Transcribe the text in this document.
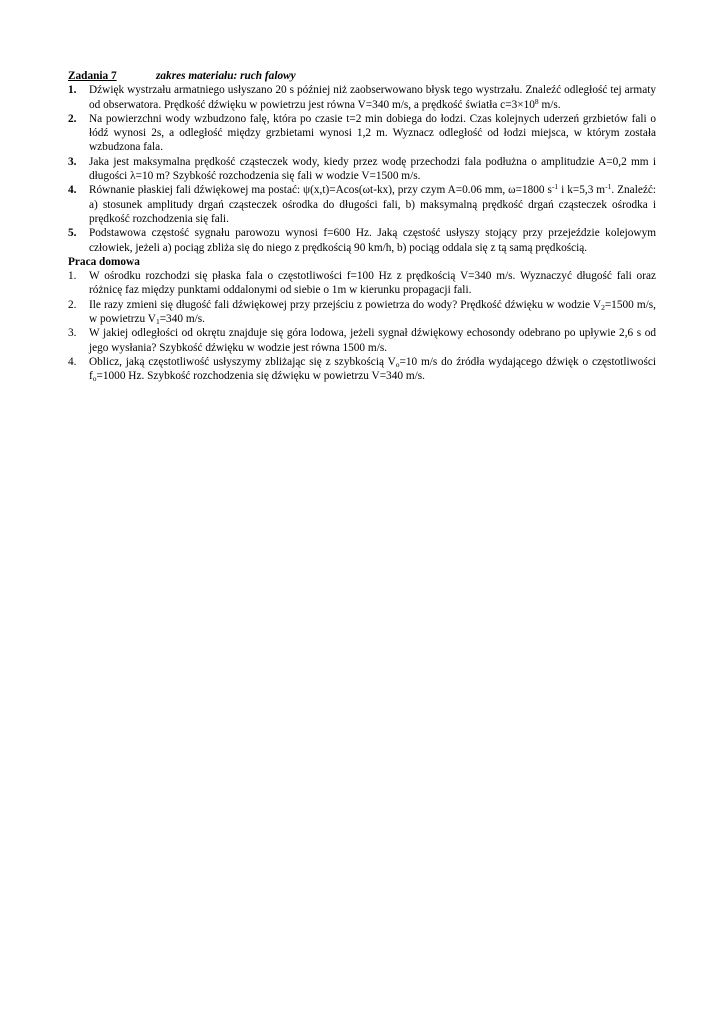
Zadania 7	zakres materiału: ruch falowy
1. Dźwięk wystrzału armatniego usłyszano 20 s później niż zaobserwowano błysk tego wystrzału. Znaleźć odległość tej armaty od obserwatora. Prędkość dźwięku w powietrzu jest równa V=340 m/s, a prędkość światła $c=3\times 10^8$ m/s.
2. Na powierzchni wody wzbudzono falę, która po czasie t=2 min dobiega do łodzi. Czas kolejnych uderzeń grzbietów fali o łódź wynosi 2s, a odległość między grzbietami wynosi 1,2 m. Wyznacz odległość od łodzi miejsca, w którym została wzbudzona fala.
3. Jaka jest maksymalna prędkość cząsteczek wody, kiedy przez wodę przechodzi fala podłużna o amplitudzie A=0,2 mm i długości λ=10 m? Szybkość rozchodzenia się fali w wodzie V=1500 m/s.
4. Równanie płaskiej fali dźwiękowej ma postać: ψ(x,t)=Acos(ωt-kx), przy czym A=0.06 mm, ω=1800 $s^{-1}$ i k=5,3 $m^{-1}$. Znaleźć: a) stosunek amplitudy drgań cząsteczek ośrodka do długości fali, b) maksymalną prędkość drgań cząsteczek ośrodka i prędkość rozchodzenia się fali.
5. Podstawowa częstość sygnału parowozu wynosi f=600 Hz. Jaką częstość usłyszy stojący przy przejeździe kolejowym człowiek, jeżeli a) pociąg zbliża się do niego z prędkością 90 km/h, b) pociąg oddala się z tą samą prędkością.
Praca domowa
1. W ośrodku rozchodzi się płaska fala o częstotliwości f=100 Hz z prędkością V=340 m/s. Wyznaczyć długość fali oraz różnicę faz między punktami oddalonymi od siebie o 1m w kierunku propagacji fali.
2. Ile razy zmieni się długość fali dźwiękowej przy przejściu z powietrza do wody? Prędkość dźwięku w wodzie $V_2=1500$ m/s, w powietrzu $V_1=340$ m/s.
3. W jakiej odległości od okrętu znajduje się góra lodowa, jeżeli sygnał dźwiękowy echosondy odebrano po upływie 2,6 s od jego wysłania? Szybkość dźwięku w wodzie jest równa 1500 m/s.
4. Oblicz, jaką częstotliwość usłyszymy zbliżając się z szybkością $V_o=10$ m/s do źródła wydającego dźwięk o częstotliwości $f_o=1000$ Hz. Szybkość rozchodzenia się dźwięku w powietrzu V=340 m/s.
